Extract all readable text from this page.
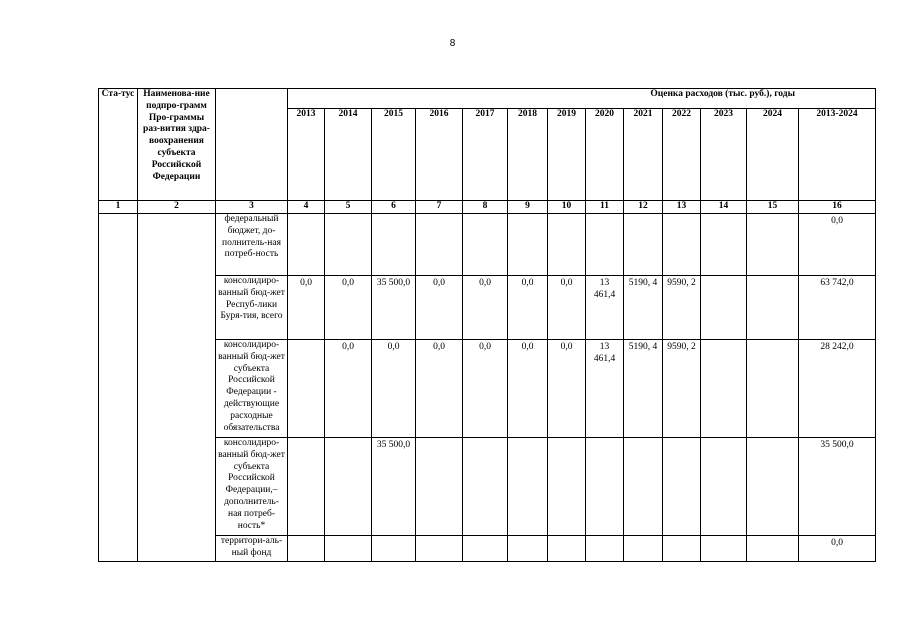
8
Ста-тус	Наименова-ние подпро-грамм Про-граммы раз-вития здра-воохранения субъекта Российской Федерации		Оценка расходов (тыс. руб.), годы												
			2013	2014	2015	2016	2017	2018	2019	2020	2021	2022	2023	2024	2013-2024
1	2	3	4	5	6	7	8	9	10	11	12	13	14	15	16
		федеральный бюджет, до-полнитель-ная потреб-ность													0,0
		консолидиро-ванный бюд-жет Респуб-лики Буря-тия, всего	0,0	0,0	35 500,0	0,0	0,0	0,0	0,0	13 461,4	5190, 4	9590, 2			63 742,0
		консолидиро-ванный бюд-жет субъекта Российской Федерации - действующие расходные обязательства		0,0	0,0	0,0	0,0	0,0	0,0	13 461,4	5190, 4	9590, 2			28 242,0
		консолидиро-ванный бюд-жет субъекта Российской Федерации,– дополнитель-ная потреб-ность*			35 500,0										35 500,0
		территори-аль-ный фонд													0,0
